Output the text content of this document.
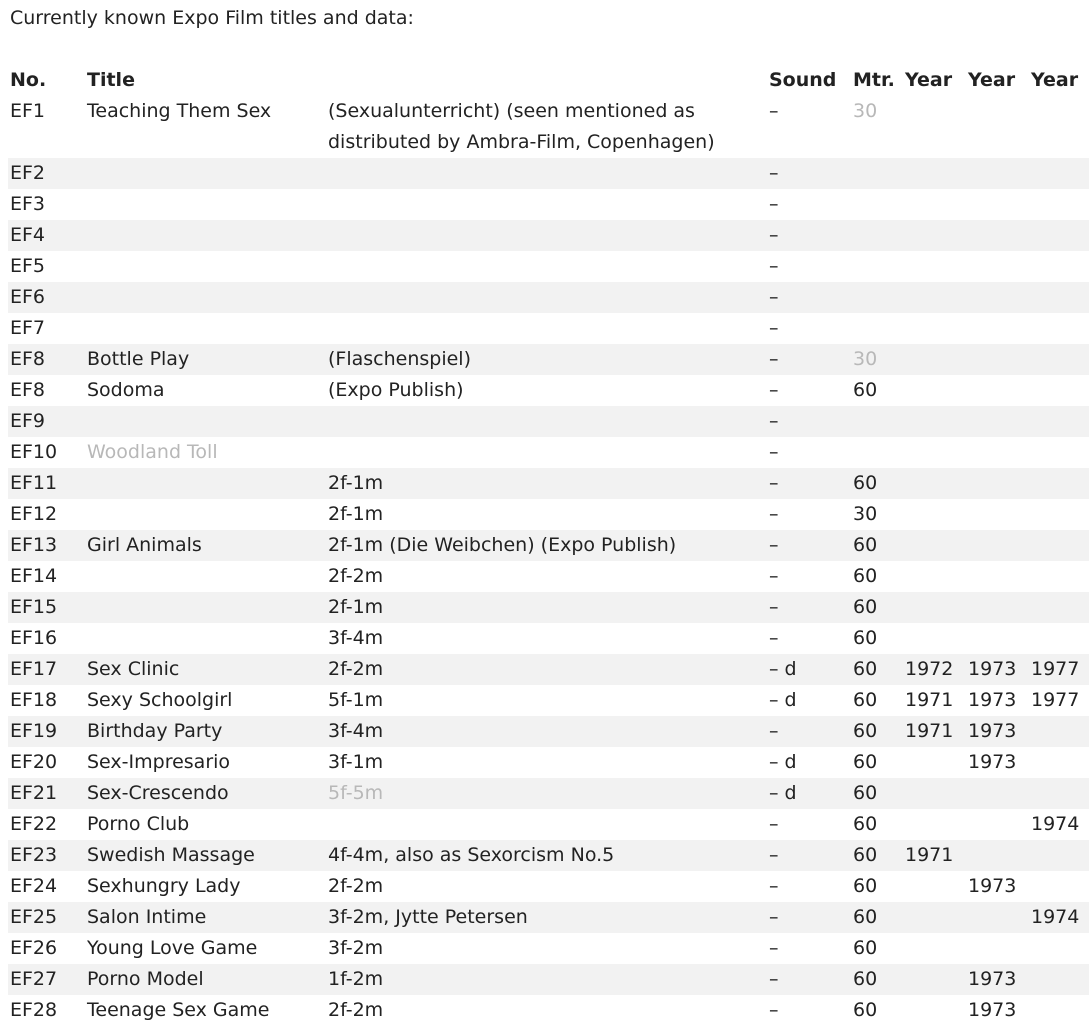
Currently known Expo Film titles and data:

No.	Title		Sound	Mtr.	Year	Year	Year
EF1	Teaching Them Sex	(Sexualunterricht) (seen mentioned as distributed by Ambra-Film, Copenhagen)	–	30			
EF2			–				
EF3			–				
EF4			–				
EF5			–				
EF6			–				
EF7			–				
EF8	Bottle Play	(Flaschenspiel)	–	30			
EF8	Sodoma	(Expo Publish)	–	60			
EF9			–				
EF10	Woodland Toll		–				
EF11		2f-1m	–	60			
EF12		2f-1m	–	30			
EF13	Girl Animals	2f-1m (Die Weibchen) (Expo Publish)	–	60			
EF14		2f-2m	–	60			
EF15		2f-1m	–	60			
EF16		3f-4m	–	60			
EF17	Sex Clinic	2f-2m	– d	60	1972	1973	1977
EF18	Sexy Schoolgirl	5f-1m	– d	60	1971	1973	1977
EF19	Birthday Party	3f-4m	–	60	1971	1973	
EF20	Sex-Impresario	3f-1m	– d	60		1973	
EF21	Sex-Crescendo	5f-5m	– d	60			
EF22	Porno Club		–	60			1974
EF23	Swedish Massage	4f-4m, also as Sexorcism No.5	–	60	1971		
EF24	Sexhungry Lady	2f-2m	–	60		1973	
EF25	Salon Intime	3f-2m, Jytte Petersen	–	60			1974
EF26	Young Love Game	3f-2m	–	60			
EF27	Porno Model	1f-2m	–	60		1973	
EF28	Teenage Sex Game	2f-2m	–	60		1973	
